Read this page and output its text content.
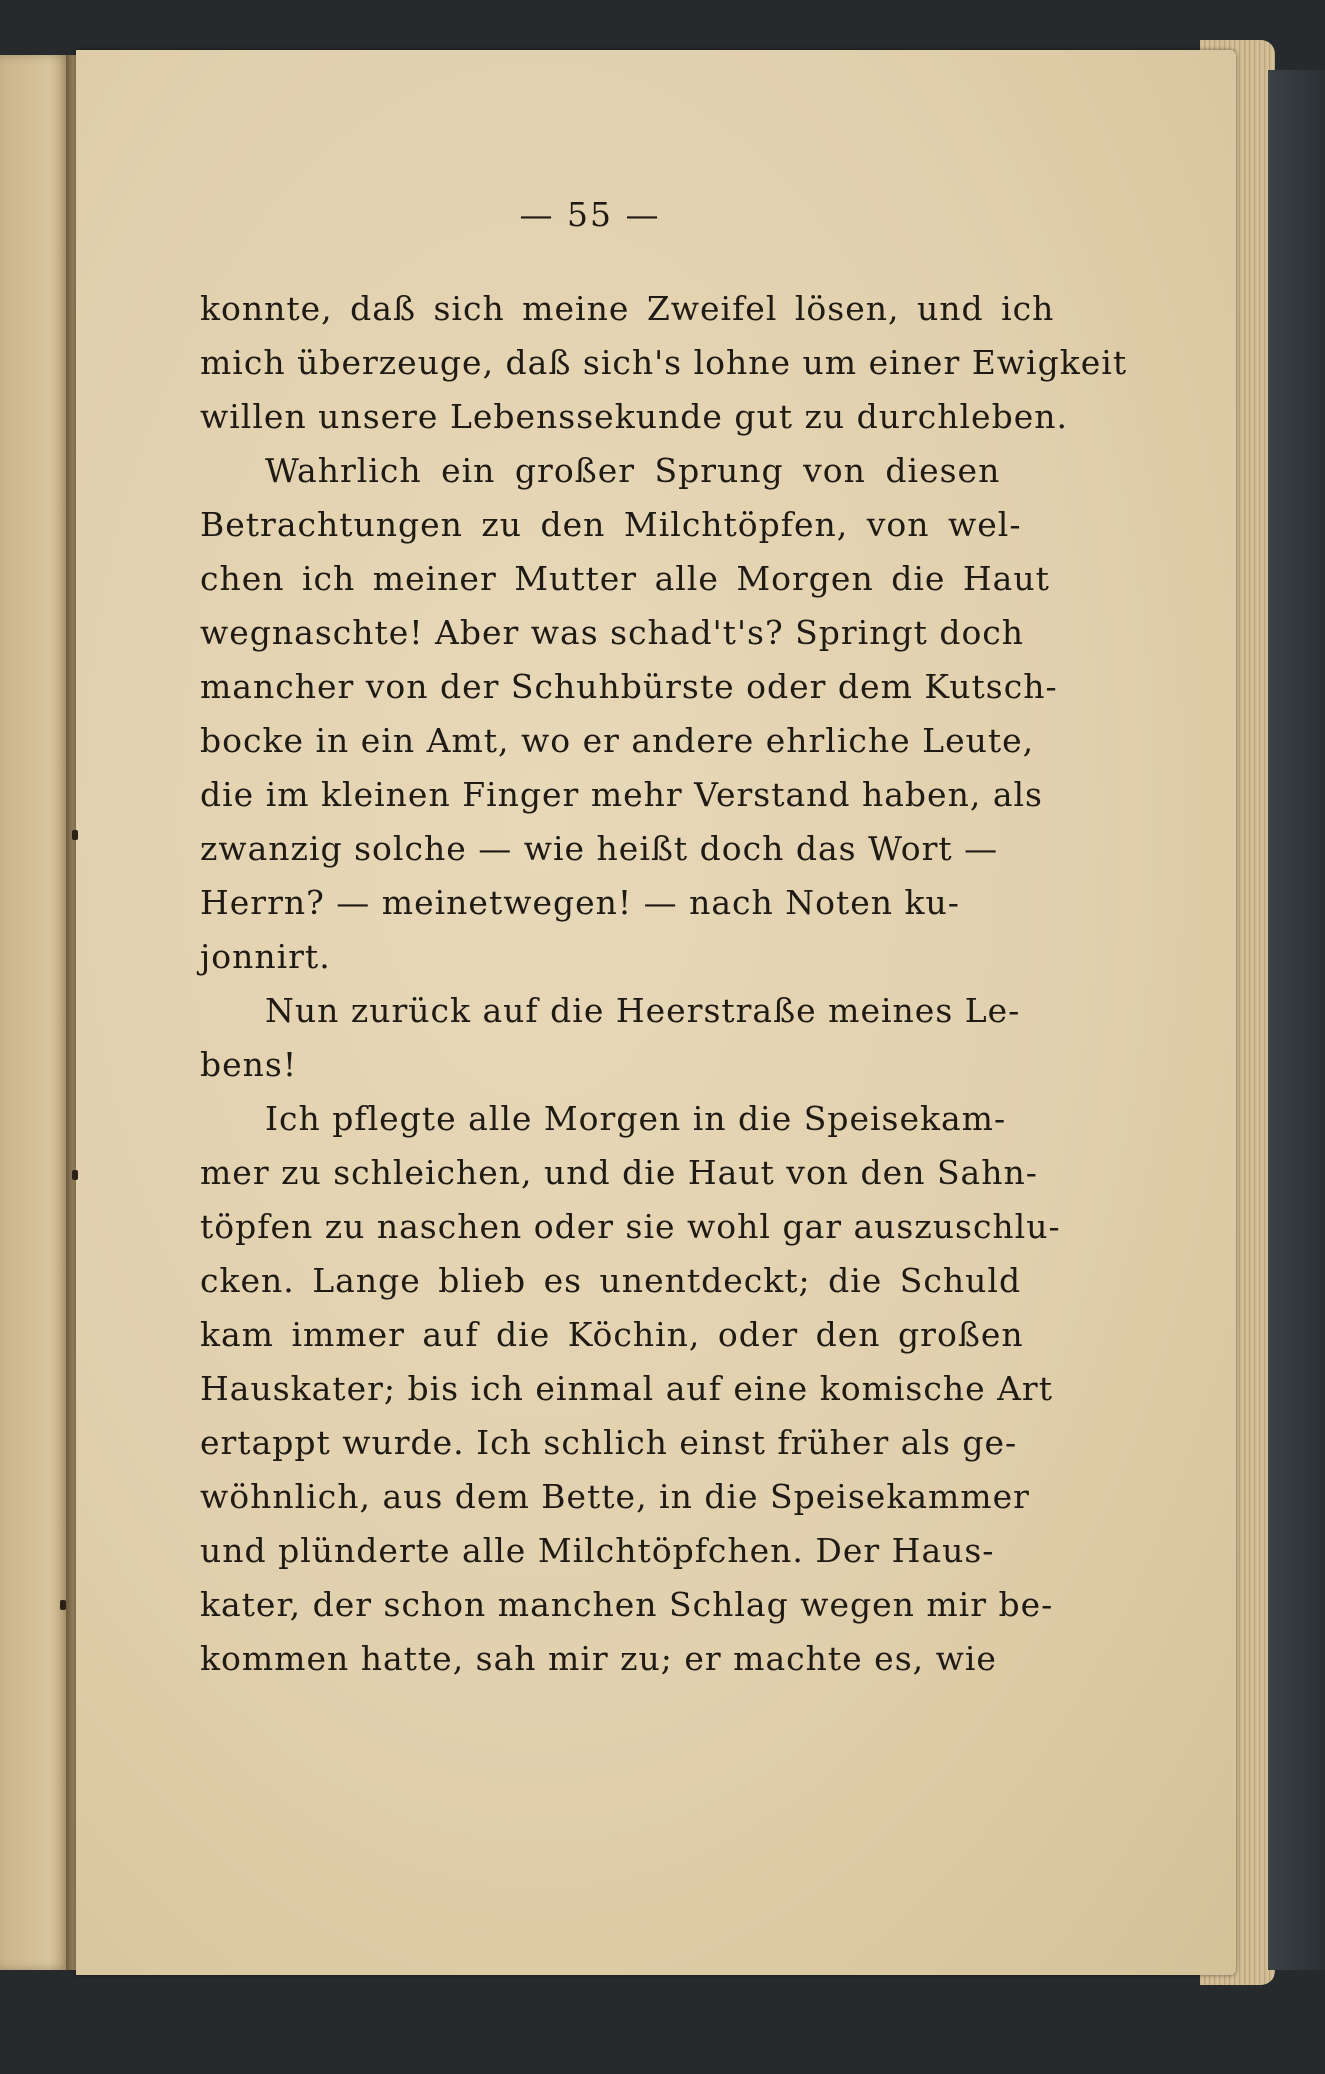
— 55 —
konnte, daß sich meine Zweifel lösen, und ich
mich überzeuge, daß sich's lohne um einer Ewigkeit
willen unsere Lebenssekunde gut zu durchleben.
Wahrlich ein großer Sprung von diesen
Betrachtungen zu den Milchtöpfen, von wel-
chen ich meiner Mutter alle Morgen die Haut
wegnaschte! Aber was schad't's? Springt doch
mancher von der Schuhbürste oder dem Kutsch-
bocke in ein Amt, wo er andere ehrliche Leute,
die im kleinen Finger mehr Verstand haben, als
zwanzig solche — wie heißt doch das Wort —
Herrn? — meinetwegen! — nach Noten ku-
jonnirt.
Nun zurück auf die Heerstraße meines Le-
bens!
Ich pflegte alle Morgen in die Speisekam-
mer zu schleichen, und die Haut von den Sahn-
töpfen zu naschen oder sie wohl gar auszuschlu-
cken. Lange blieb es unentdeckt; die Schuld
kam immer auf die Köchin, oder den großen
Hauskater; bis ich einmal auf eine komische Art
ertappt wurde. Ich schlich einst früher als ge-
wöhnlich, aus dem Bette, in die Speisekammer
und plünderte alle Milchtöpfchen. Der Haus-
kater, der schon manchen Schlag wegen mir be-
kommen hatte, sah mir zu; er machte es, wie
